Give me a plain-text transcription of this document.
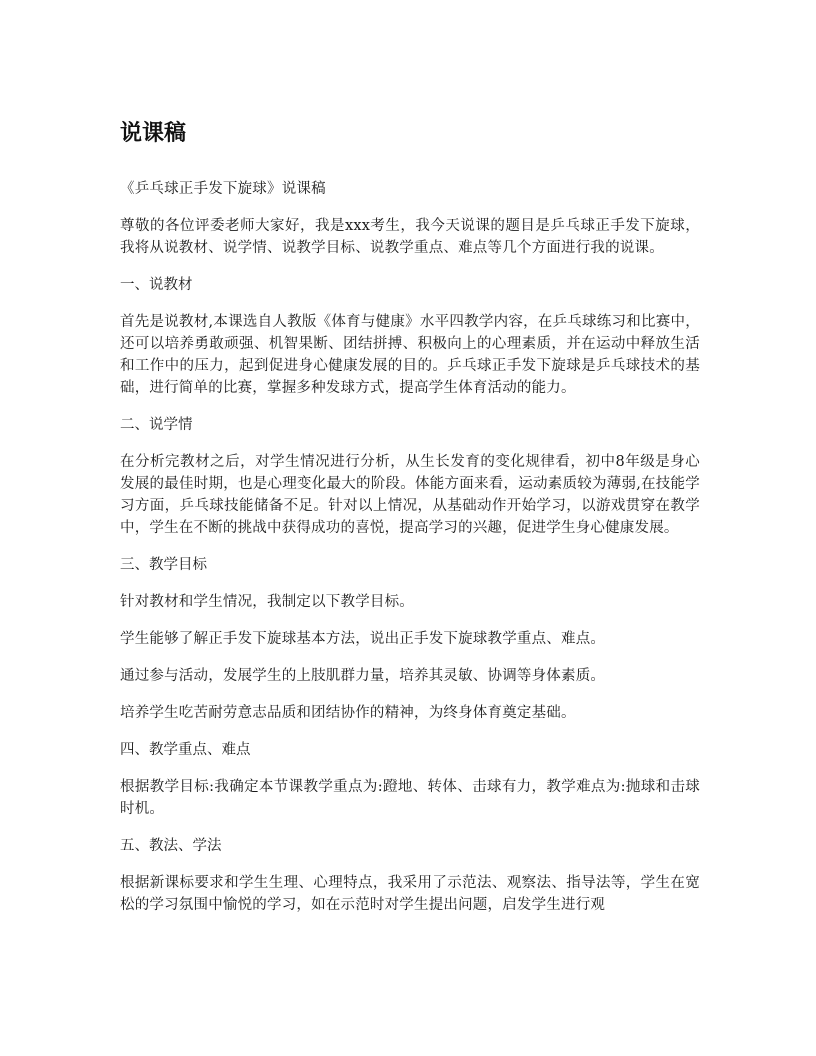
说课稿

《乒乓球正手发下旋球》说课稿

尊敬的各位评委老师大家好，我是xxx考生，我今天说课的题目是乒乓球正手发下旋球，我将从说教材、说学情、说教学目标、说教学重点、难点等几个方面进行我的说课。

一、说教材

首先是说教材,本课选自人教版《体育与健康》水平四教学内容，在乒乓球练习和比赛中，还可以培养勇敢顽强、机智果断、团结拼搏、积极向上的心理素质，并在运动中释放生活和工作中的压力，起到促进身心健康发展的目的。乒乓球正手发下旋球是乒乓球技术的基础，进行简单的比赛，掌握多种发球方式，提高学生体育活动的能力。

二、说学情

在分析完教材之后，对学生情况进行分析，从生长发育的变化规律看，初中8年级是身心发展的最佳时期，也是心理变化最大的阶段。体能方面来看，运动素质较为薄弱,在技能学习方面，乒乓球技能储备不足。针对以上情况，从基础动作开始学习，以游戏贯穿在教学中，学生在不断的挑战中获得成功的喜悦，提高学习的兴趣，促进学生身心健康发展。

三、教学目标

针对教材和学生情况，我制定以下教学目标。

学生能够了解正手发下旋球基本方法，说出正手发下旋球教学重点、难点。

通过参与活动，发展学生的上肢肌群力量，培养其灵敏、协调等身体素质。

培养学生吃苦耐劳意志品质和团结协作的精神，为终身体育奠定基础。

四、教学重点、难点

根据教学目标:我确定本节课教学重点为:蹬地、转体、击球有力，教学难点为:抛球和击球时机。

五、教法、学法

根据新课标要求和学生生理、心理特点，我采用了示范法、观察法、指导法等，学生在宽松的学习氛围中愉悦的学习，如在示范时对学生提出问题，启发学生进行观
